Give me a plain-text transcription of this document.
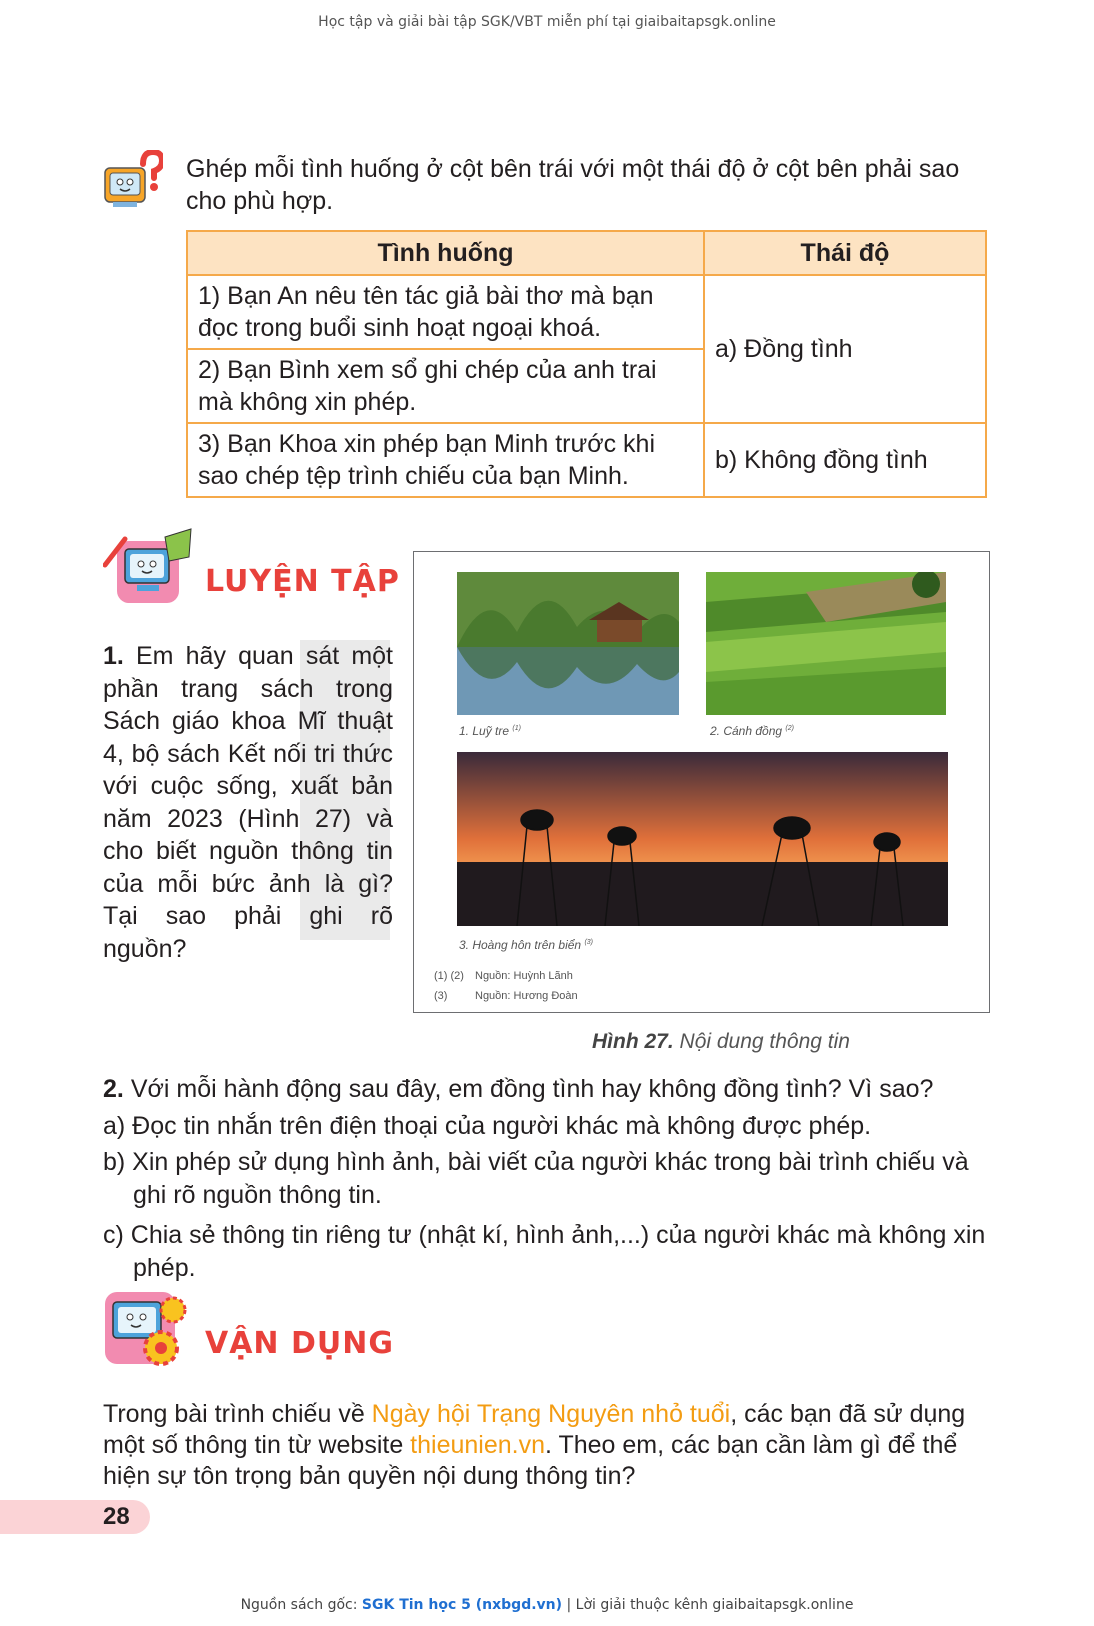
Học tập và giải bài tập SGK/VBT miễn phí tại giaibaitapsgk.online
Ghép mỗi tình huống ở cột bên trái với một thái độ ở cột bên phải sao cho phù hợp.
Tình huống	Thái độ
1) Bạn An nêu tên tác giả bài thơ mà bạn đọc trong buổi sinh hoạt ngoại khoá.	a) Đồng tình
2) Bạn Bình xem sổ ghi chép của anh trai mà không xin phép.	
3) Bạn Khoa xin phép bạn Minh trước khi sao chép tệp trình chiếu của bạn Minh.	b) Không đồng tình
LUYỆN TẬP
1. Em hãy quan sát một phần trang sách trong Sách giáo khoa Mĩ thuật 4, bộ sách Kết nối tri thức với cuộc sống, xuất bản năm 2023 (Hình 27) và cho biết nguồn thông tin của mỗi bức ảnh là gì? Tại sao phải ghi rõ nguồn?
1. Luỹ tre $^{(1)}$	2. Cánh đồng $^{(2)}$
3. Hoàng hôn trên biển $^{(3)}$
(1) (2) Nguồn: Huỳnh Lãnh
(3)	Nguồn: Hương Đoàn
Hình 27. Nội dung thông tin
2. Với mỗi hành động sau đây, em đồng tình hay không đồng tình? Vì sao?
a) Đọc tin nhắn trên điện thoại của người khác mà không được phép.
b) Xin phép sử dụng hình ảnh, bài viết của người khác trong bài trình chiếu và ghi rõ nguồn thông tin.
c) Chia sẻ thông tin riêng tư (nhật kí, hình ảnh,...) của người khác mà không xin phép.
VẬN DỤNG
Trong bài trình chiếu về Ngày hội Trạng Nguyên nhỏ tuổi, các bạn đã sử dụng một số thông tin từ website thieunien.vn. Theo em, các bạn cần làm gì để thể hiện sự tôn trọng bản quyền nội dung thông tin?
28
Nguồn sách gốc: SGK Tin học 5 (nxbgd.vn) | Lời giải thuộc kênh giaibaitapsgk.online
